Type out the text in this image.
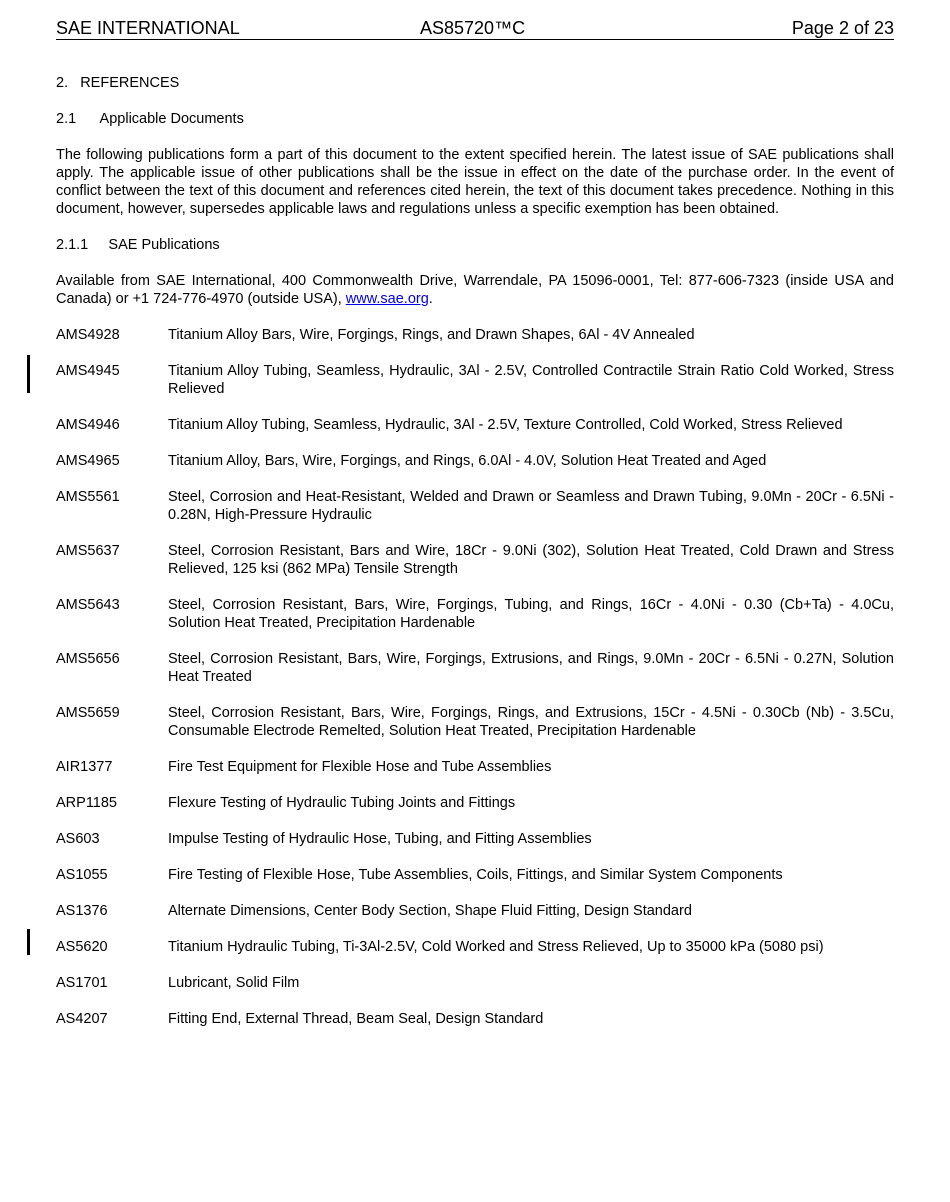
SAE INTERNATIONAL	AS85720™C	Page 2 of 23
2. REFERENCES
2.1 Applicable Documents

The following publications form a part of this document to the extent specified herein. The latest issue of SAE publications shall apply. The applicable issue of other publications shall be the issue in effect on the date of the purchase order. In the event of conflict between the text of this document and references cited herein, the text of this document takes precedence. Nothing in this document, however, supersedes applicable laws and regulations unless a specific exemption has been obtained.

2.1.1 SAE Publications

Available from SAE International, 400 Commonwealth Drive, Warrendale, PA 15096-0001, Tel: 877-606-7323 (inside USA and Canada) or +1 724-776-4970 (outside USA), www.sae.org.

AMS4928	Titanium Alloy Bars, Wire, Forgings, Rings, and Drawn Shapes, 6Al - 4V Annealed
AMS4945	Titanium Alloy Tubing, Seamless, Hydraulic, 3Al - 2.5V, Controlled Contractile Strain Ratio Cold Worked, Stress Relieved
AMS4946	Titanium Alloy Tubing, Seamless, Hydraulic, 3Al - 2.5V, Texture Controlled, Cold Worked, Stress Relieved
AMS4965	Titanium Alloy, Bars, Wire, Forgings, and Rings, 6.0Al - 4.0V, Solution Heat Treated and Aged
AMS5561	Steel, Corrosion and Heat-Resistant, Welded and Drawn or Seamless and Drawn Tubing, 9.0Mn - 20Cr - 6.5Ni - 0.28N, High-Pressure Hydraulic
AMS5637	Steel, Corrosion Resistant, Bars and Wire, 18Cr - 9.0Ni (302), Solution Heat Treated, Cold Drawn and Stress Relieved, 125 ksi (862 MPa) Tensile Strength
AMS5643	Steel, Corrosion Resistant, Bars, Wire, Forgings, Tubing, and Rings, 16Cr - 4.0Ni - 0.30 (Cb+Ta) - 4.0Cu, Solution Heat Treated, Precipitation Hardenable
AMS5656	Steel, Corrosion Resistant, Bars, Wire, Forgings, Extrusions, and Rings, 9.0Mn - 20Cr - 6.5Ni - 0.27N, Solution Heat Treated
AMS5659	Steel, Corrosion Resistant, Bars, Wire, Forgings, Rings, and Extrusions, 15Cr - 4.5Ni - 0.30Cb (Nb) - 3.5Cu, Consumable Electrode Remelted, Solution Heat Treated, Precipitation Hardenable
AIR1377	Fire Test Equipment for Flexible Hose and Tube Assemblies
ARP1185	Flexure Testing of Hydraulic Tubing Joints and Fittings
AS603	Impulse Testing of Hydraulic Hose, Tubing, and Fitting Assemblies
AS1055	Fire Testing of Flexible Hose, Tube Assemblies, Coils, Fittings, and Similar System Components
AS1376	Alternate Dimensions, Center Body Section, Shape Fluid Fitting, Design Standard
AS5620	Titanium Hydraulic Tubing, Ti-3Al-2.5V, Cold Worked and Stress Relieved, Up to 35000 kPa (5080 psi)
AS1701	Lubricant, Solid Film
AS4207	Fitting End, External Thread, Beam Seal, Design Standard
